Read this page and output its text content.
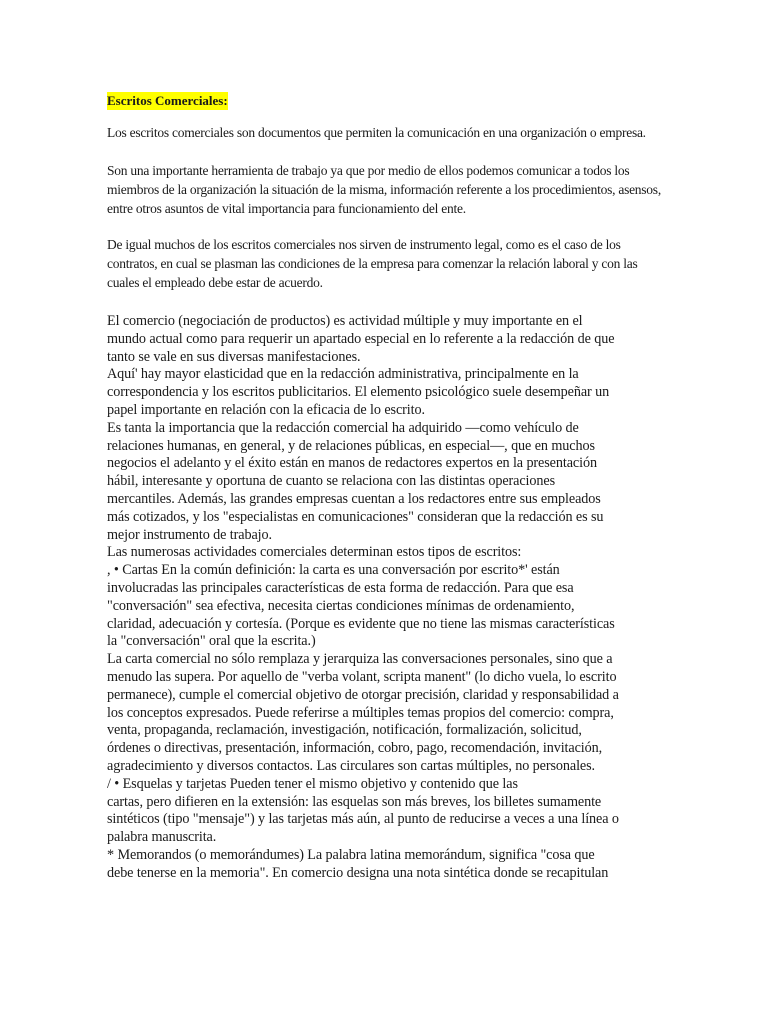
Escritos Comerciales:

Los escritos comerciales son documentos que permiten la comunicación en una organización o empresa.

Son una importante herramienta de trabajo ya que por medio de ellos podemos comunicar a todos los miembros de la organización la situación de la misma, información referente a los procedimientos, asensos, entre otros asuntos de vital importancia para funcionamiento del ente.

De igual muchos de los escritos comerciales nos sirven de instrumento legal, como es el caso de los contratos, en cual se plasman las condiciones de la empresa para comenzar la relación laboral y con las cuales el empleado debe estar de acuerdo.

El comercio (negociación de productos) es actividad múltiple y muy importante en el
mundo actual como para requerir un apartado especial en lo referente a la redacción de que
tanto se vale en sus diversas manifestaciones.
Aquí' hay mayor elasticidad que en la redacción administrativa, principalmente en la
correspondencia y los escritos publicitarios. El elemento psicológico suele desempeñar un
papel importante en relación con la eficacia de lo escrito.
Es tanta la importancia que la redacción comercial ha adquirido —como vehículo de
relaciones humanas, en general, y de relaciones públicas, en especial—, que en muchos
negocios el adelanto y el éxito están en manos de redactores expertos en la presentación
hábil, interesante y oportuna de cuanto se relaciona con las distintas operaciones
mercantiles. Además, las grandes empresas cuentan a los redactores entre sus empleados
más cotizados, y los "especialistas en comunicaciones" consideran que la redacción es su
mejor instrumento de trabajo.
Las numerosas actividades comerciales determinan estos tipos de escritos:
, • Cartas En la común definición: la carta es una conversación por escrito*' están
involucradas las principales características de esta forma de redacción. Para que esa
"conversación" sea efectiva, necesita ciertas condiciones mínimas de ordenamiento,
claridad, adecuación y cortesía. (Porque es evidente que no tiene las mismas características
la "conversación" oral que la escrita.)
La carta comercial no sólo remplaza y jerarquiza las conversaciones personales, sino que a
menudo las supera. Por aquello de "verba volant, scripta manent" (lo dicho vuela, lo escrito
permanece), cumple el comercial objetivo de otorgar precisión, claridad y responsabilidad a
los conceptos expresados. Puede referirse a múltiples temas propios del comercio: compra,
venta, propaganda, reclamación, investigación, notificación, formalización, solicitud,
órdenes o directivas, presentación, información, cobro, pago, recomendación, invitación,
agradecimiento y diversos contactos. Las circulares son cartas múltiples, no personales.
/ • Esquelas y tarjetas Pueden tener el mismo objetivo y contenido que las
cartas, pero difieren en la extensión: las esquelas son más breves, los billetes sumamente
sintéticos (tipo "mensaje") y las tarjetas más aún, al punto de reducirse a veces a una línea o
palabra manuscrita.
* Memorandos (o memorándumes) La palabra latina memorándum, significa "cosa que
debe tenerse en la memoria". En comercio designa una nota sintética donde se recapitulan
